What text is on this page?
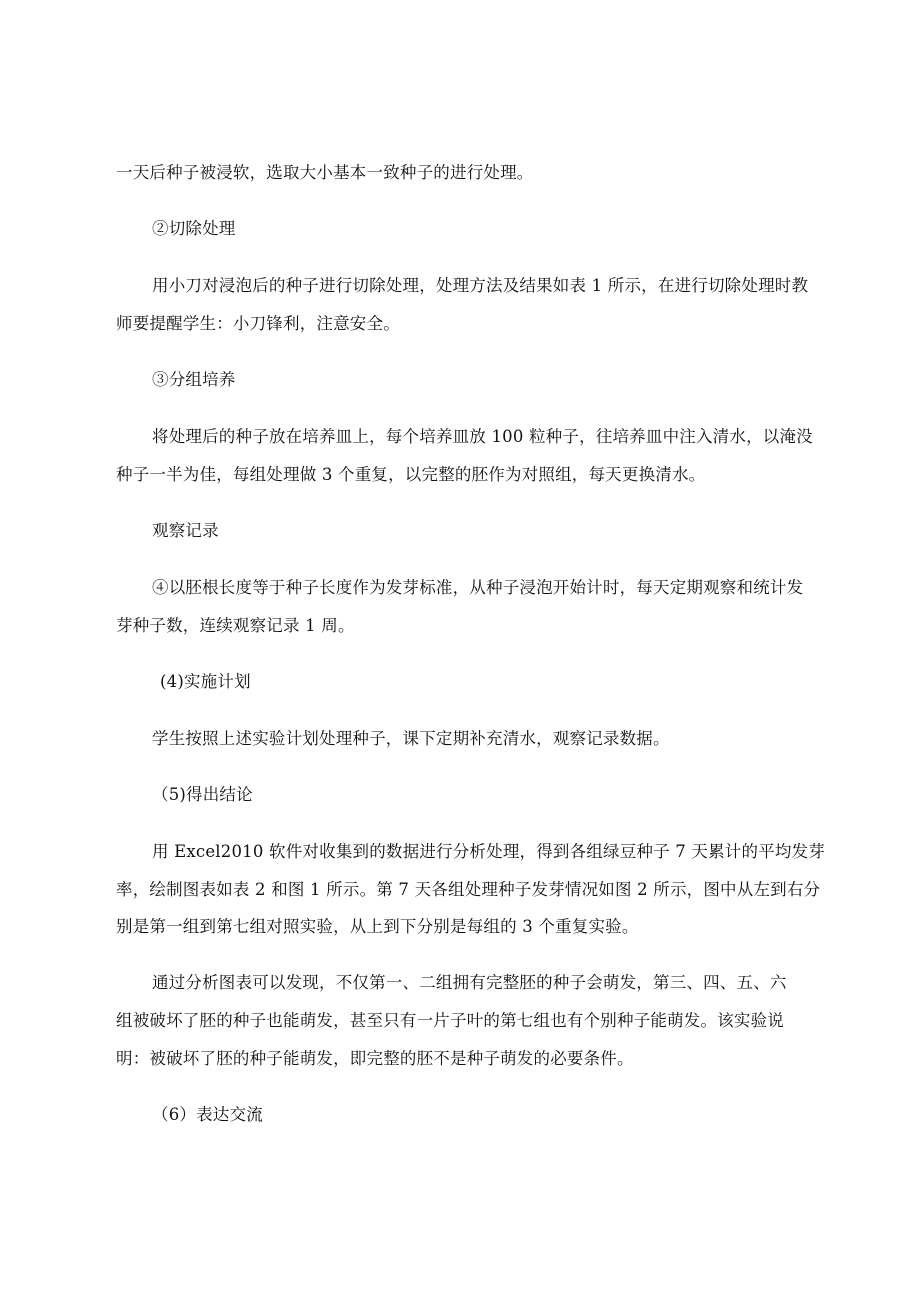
一天后种子被浸软，选取大小基本一致种子的进行处理。
②切除处理
用小刀对浸泡后的种子进行切除处理，处理方法及结果如表 1 所示，在进行切除处理时教
师要提醒学生：小刀锋利，注意安全。
③分组培养
将处理后的种子放在培养皿上，每个培养皿放 100 粒种子，往培养皿中注入清水，以淹没
种子一半为佳，每组处理做 3 个重复，以完整的胚作为对照组，每天更换清水。
观察记录
④以胚根长度等于种子长度作为发芽标准，从种子浸泡开始计时，每天定期观察和统计发
芽种子数，连续观察记录 1 周。
(4)实施计划
学生按照上述实验计划处理种子，课下定期补充清水，观察记录数据。
（5)得出结论
用 Excel2010 软件对收集到的数据进行分析处理，得到各组绿豆种子 7 天累计的平均发芽
率，绘制图表如表 2 和图 1 所示。第 7 天各组处理种子发芽情况如图 2 所示，图中从左到右分
别是第一组到第七组对照实验，从上到下分别是每组的 3 个重复实验。
通过分析图表可以发现，不仅第一、二组拥有完整胚的种子会萌发，第三、四、五、六
组被破坏了胚的种子也能萌发，甚至只有一片子叶的第七组也有个别种子能萌发。该实验说
明：被破坏了胚的种子能萌发，即完整的胚不是种子萌发的必要条件。
（6）表达交流
